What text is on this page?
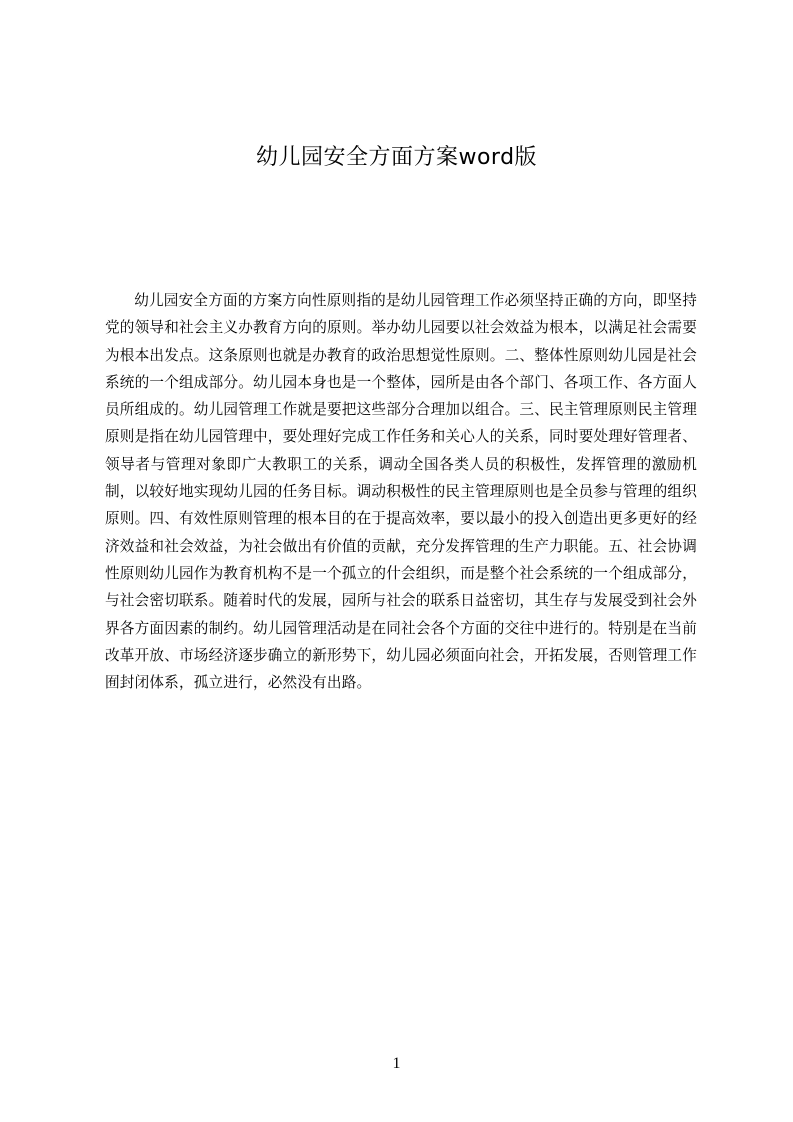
幼儿园安全方面方案word版

幼儿园安全方面的方案方向性原则指的是幼儿园管理工作必须坚持正确的方向，即坚持党的领导和社会主义办教育方向的原则。举办幼儿园要以社会效益为根本，以满足社会需要为根本出发点。这条原则也就是办教育的政治思想觉性原则。二、整体性原则幼儿园是社会系统的一个组成部分。幼儿园本身也是一个整体，园所是由各个部门、各项工作、各方面人员所组成的。幼儿园管理工作就是要把这些部分合理加以组合。三、民主管理原则民主管理原则是指在幼儿园管理中，要处理好完成工作任务和关心人的关系，同时要处理好管理者、领导者与管理对象即广大教职工的关系，调动全国各类人员的积极性，发挥管理的激励机制，以较好地实现幼儿园的任务目标。调动积极性的民主管理原则也是全员参与管理的组织原则。四、有效性原则管理的根本目的在于提高效率，要以最小的投入创造出更多更好的经济效益和社会效益，为社会做出有价值的贡献，充分发挥管理的生产力职能。五、社会协调性原则幼儿园作为教育机构不是一个孤立的什会组织，而是整个社会系统的一个组成部分，与社会密切联系。随着时代的发展，园所与社会的联系日益密切，其生存与发展受到社会外界各方面因素的制约。幼儿园管理活动是在同社会各个方面的交往中进行的。特别是在当前改革开放、市场经济逐步确立的新形势下，幼儿园必须面向社会，开拓发展，否则管理工作囿封闭体系，孤立进行，必然没有出路。

1
